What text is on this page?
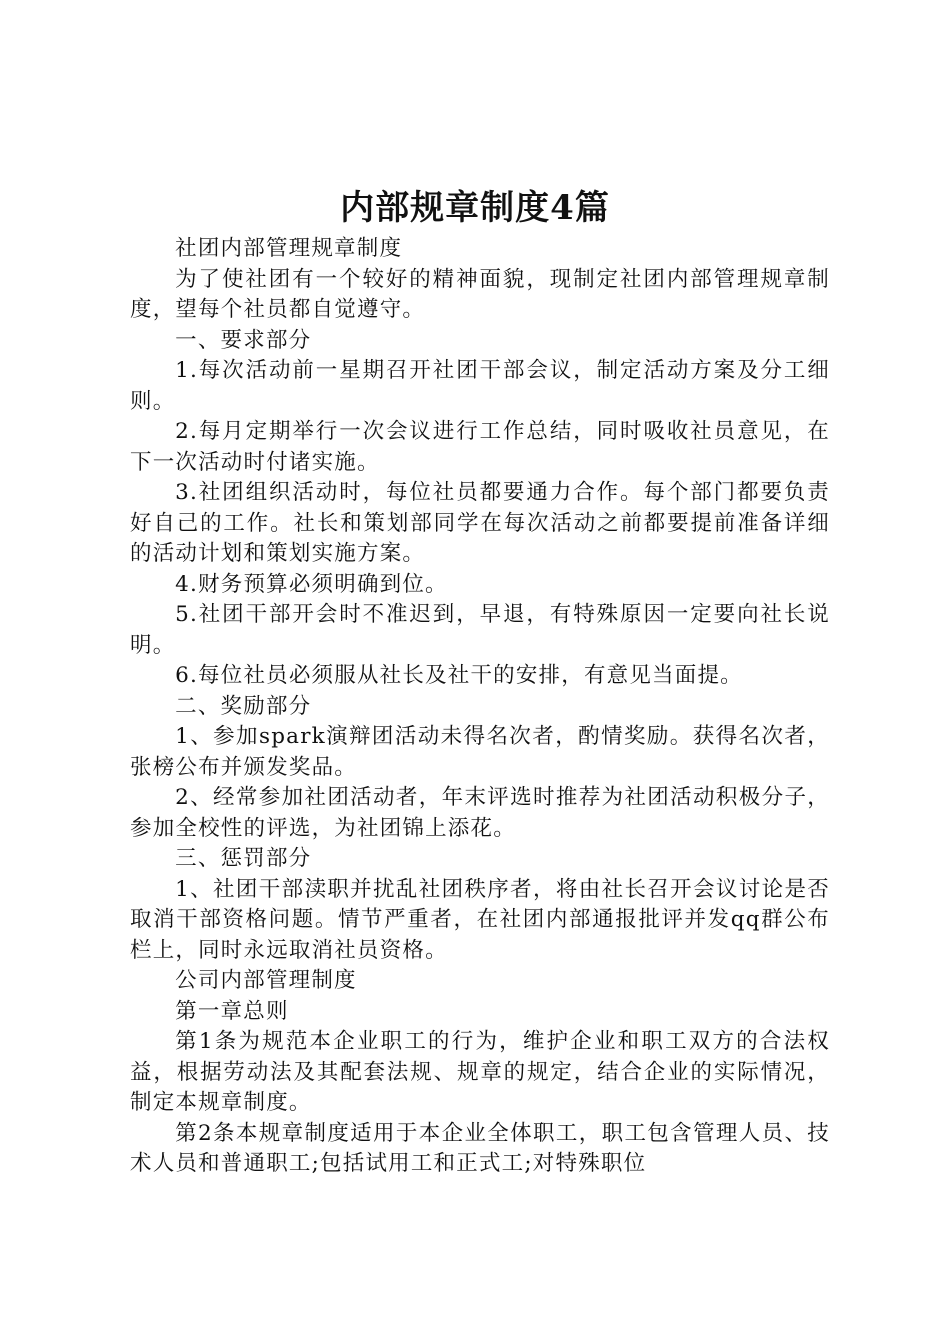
内部规章制度4篇

社团内部管理规章制度

为了使社团有一个较好的精神面貌，现制定社团内部管理规章制度，望每个社员都自觉遵守。

一、要求部分

1.每次活动前一星期召开社团干部会议，制定活动方案及分工细则。

2.每月定期举行一次会议进行工作总结，同时吸收社员意见，在下一次活动时付诸实施。

3.社团组织活动时，每位社员都要通力合作。每个部门都要负责好自己的工作。社长和策划部同学在每次活动之前都要提前准备详细的活动计划和策划实施方案。

4.财务预算必须明确到位。

5.社团干部开会时不准迟到，早退，有特殊原因一定要向社长说明。

6.每位社员必须服从社长及社干的安排，有意见当面提。

二、奖励部分

1、参加spark演辩团活动未得名次者，酌情奖励。获得名次者，张榜公布并颁发奖品。

2、经常参加社团活动者，年末评选时推荐为社团活动积极分子，参加全校性的评选，为社团锦上添花。

三、惩罚部分

1、社团干部渎职并扰乱社团秩序者，将由社长召开会议讨论是否取消干部资格问题。情节严重者，在社团内部通报批评并发qq群公布栏上，同时永远取消社员资格。

公司内部管理制度

第一章总则

第1条为规范本企业职工的行为，维护企业和职工双方的合法权益，根据劳动法及其配套法规、规章的规定，结合企业的实际情况，制定本规章制度。

第2条本规章制度适用于本企业全体职工，职工包含管理人员、技术人员和普通职工;包括试用工和正式工;对特殊职位
